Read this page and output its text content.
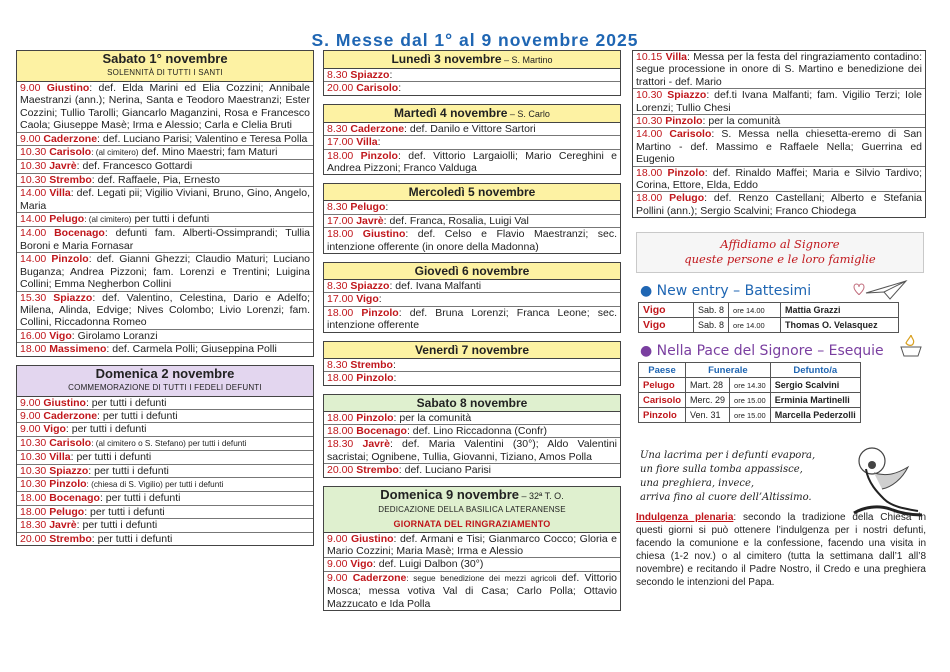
S. Messe dal 1° al 9 novembre 2025
Sabato 1° novembre
SOLENNITÀ DI TUTTI I SANTI
9.00 Giustino: def. Elda Marini ed Elia Cozzini; Annibale Maestranzi (ann.); Nerina, Santa e Teodoro Maestranzi; Ester Cozzini; Tullio Tarolli; Giancarlo Maganzini, Rosa e Francesco Caola; Giuseppe Masè; Irma e Alessio; Carla e Clelia Bruti
9.00 Caderzone: def. Luciano Parisi; Valentino e Teresa Polla
10.30 Carisolo: (al cimitero) def. Mino Maestri; fam Maturi
10.30 Javrè: def. Francesco Gottardi
10.30 Strembo: def. Raffaele, Pia, Ernesto
14.00 Villa: def. Legati pii; Vigilio Viviani, Bruno, Gino, Angelo, Maria
14.00 Pelugo: (al cimitero) per tutti i defunti
14.00 Bocenago: defunti fam. Alberti-Ossimprandi; Tullia Boroni e Maria Fornasar
14.00 Pinzolo: def. Gianni Ghezzi; Claudio Maturi; Luciano Buganza; Andrea Pizzoni; fam. Lorenzi e Trentini; Luigina Collini; Emma Negherbon Collini
15.30 Spiazzo: def. Valentino, Celestina, Dario e Adelfo; Milena, Alinda, Edvige; Nives Colombo; Livio Lorenzi; fam. Collini, Riccadonna Romeo
16.00 Vigo: Girolamo Loranzi
18.00 Massimeno: def. Carmela Polli; Giuseppina Polli
Domenica 2 novembre
COMMEMORAZIONE DI TUTTI I FEDELI DEFUNTI
9.00 Giustino: per tutti i defunti
9.00 Caderzone: per tutti i defunti
9.00 Vigo: per tutti i defunti
10.30 Carisolo: (al cimitero o S. Stefano) per tutti i defunti
10.30 Villa: per tutti i defunti
10.30 Spiazzo: per tutti i defunti
10.30 Pinzolo: (chiesa di S. Vigilio) per tutti i defunti
18.00 Bocenago: per tutti i defunti
18.00 Pelugo: per tutti i defunti
18.30 Javrè: per tutti i defunti
20.00 Strembo: per tutti i defunti
Lunedì 3 novembre – S. Martino
8.30 Spiazzo:
20.00 Carisolo:
Martedì 4 novembre – S. Carlo
8.30 Caderzone: def. Danilo e Vittore Sartori
17.00 Villa:
18.00 Pinzolo: def. Vittorio Largaiolli; Mario Cereghini e Andrea Pizzoni; Franco Valduga
Mercoledì 5 novembre
8.30 Pelugo:
17.00 Javrè: def. Franca, Rosalia, Luigi Val
18.00 Giustino: def. Celso e Flavio Maestranzi; sec. intenzione offerente (in onore della Madonna)
Giovedì 6 novembre
8.30 Spiazzo: def. Ivana Malfanti
17.00 Vigo:
18.00 Pinzolo: def. Bruna Lorenzi; Franca Leone; sec. intenzione offerente
Venerdì 7 novembre
8.30 Strembo:
18.00 Pinzolo:
Sabato 8 novembre
18.00 Pinzolo: per la comunità
18.00 Bocenago: def. Lino Riccadonna (Confr)
18.30 Javrè: def. Maria Valentini (30°); Aldo Valentini sacristai; Ognibene, Tullia, Giovanni, Tiziano, Amos Polla
20.00 Strembo: def. Luciano Parisi
Domenica 9 novembre – 32ª T. O.
DEDICAZIONE DELLA BASILICA LATERANENSE
GIORNATA DEL RINGRAZIAMENTO
9.00 Giustino: def. Armani e Tisi; Gianmarco Cocco; Gloria e Mario Cozzini; Maria Masè; Irma e Alessio
9.00 Vigo: def. Luigi Dalbon (30°)
9.00 Caderzone: segue benedizione dei mezzi agricoli def. Vittorio Mosca; messa votiva Val di Casa; Carlo Polla; Ottavio Mazzucato e Ida Polla
10.15 Villa: Messa per la festa del ringraziamento contadino: segue processione in onore di S. Martino e benedizione dei trattori - def. Mario
10.30 Spiazzo: def.ti Ivana Malfanti; fam. Vigilio Terzi; Iole Lorenzi; Tullio Chesi
10.30 Pinzolo: per la comunità
14.00 Carisolo: S. Messa nella chiesetta-eremo di San Martino - def. Massimo e Raffaele Nella; Guerrina ed Eugenio
18.00 Pinzolo: def. Rinaldo Maffei; Maria e Silvio Tardivo; Corina, Ettore, Elda, Eddo
18.00 Pelugo: def. Renzo Castellani; Alberto e Stefania Pollini (ann.); Sergio Scalvini; Franco Chiodega
Affidiamo al Signore
queste persone e le loro famiglie
● New entry – Battesimi
Vigo	Sab. 8	ore 14.00	Mattia Grazzi
Vigo	Sab. 8	ore 14.00	Thomas O. Velasquez
● Nella Pace del Signore – Esequie
Paese	Funerale		Defunto/a
Pelugo	Mart. 28	ore 14.30	Sergio Scalvini
Carisolo	Merc. 29	ore 15.00	Erminia Martinelli
Pinzolo	Ven. 31	ore 15.00	Marcella Pederzolli
Una lacrima per i defunti evapora,
un fiore sulla tomba appassisce,
una preghiera, invece,
arriva fino al cuore dell’Altissimo.
Indulgenza plenaria: secondo la tradizione della Chiesa in questi giorni si può ottenere l’indulgenza per i nostri defunti, facendo la comunione e la confessione, facendo una visita in chiesa (1-2 nov.) o al cimitero (tutta la settimana dall’1 all’8 novembre) e recitando il Padre Nostro, il Credo e una preghiera secondo le intenzioni del Papa.
